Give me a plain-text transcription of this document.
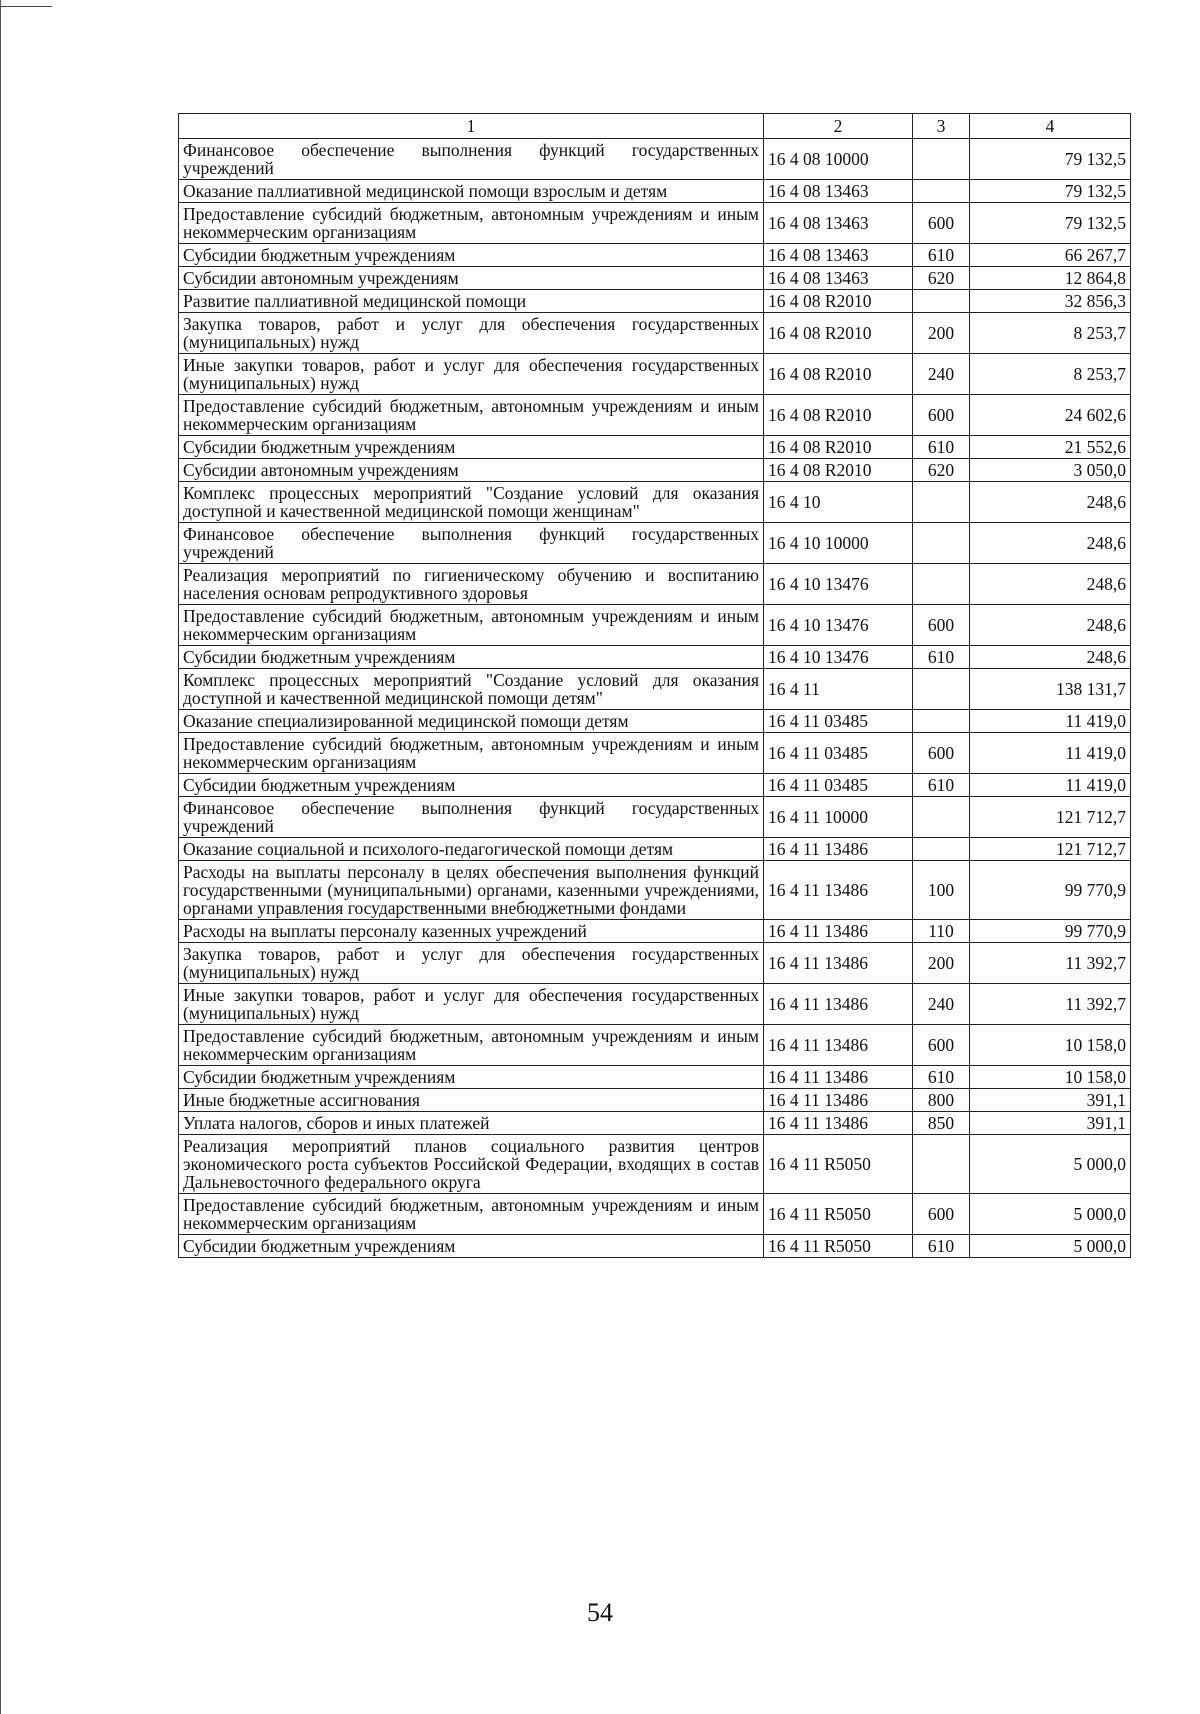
1	2	3	4
Финансовое обеспечение выполнения функций государственных учреждений	16 4 08 10000		79 132,5
Оказание паллиативной медицинской помощи взрослым и детям	16 4 08 13463		79 132,5
Предоставление субсидий бюджетным, автономным учреждениям и иным некоммерческим организациям	16 4 08 13463	600	79 132,5
Субсидии бюджетным учреждениям	16 4 08 13463	610	66 267,7
Субсидии автономным учреждениям	16 4 08 13463	620	12 864,8
Развитие паллиативной медицинской помощи	16 4 08 R2010		32 856,3
Закупка товаров, работ и услуг для обеспечения государственных (муниципальных) нужд	16 4 08 R2010	200	8 253,7
Иные закупки товаров, работ и услуг для обеспечения государственных (муниципальных) нужд	16 4 08 R2010	240	8 253,7
Предоставление субсидий бюджетным, автономным учреждениям и иным некоммерческим организациям	16 4 08 R2010	600	24 602,6
Субсидии бюджетным учреждениям	16 4 08 R2010	610	21 552,6
Субсидии автономным учреждениям	16 4 08 R2010	620	3 050,0
Комплекс процессных мероприятий "Создание условий для оказания доступной и качественной медицинской помощи женщинам"	16 4 10		248,6
Финансовое обеспечение выполнения функций государственных учреждений	16 4 10 10000		248,6
Реализация мероприятий по гигиеническому обучению и воспитанию населения основам репродуктивного здоровья	16 4 10 13476		248,6
Предоставление субсидий бюджетным, автономным учреждениям и иным некоммерческим организациям	16 4 10 13476	600	248,6
Субсидии бюджетным учреждениям	16 4 10 13476	610	248,6
Комплекс процессных мероприятий "Создание условий для оказания доступной и качественной медицинской помощи детям"	16 4 11		138 131,7
Оказание специализированной медицинской помощи детям	16 4 11 03485		11 419,0
Предоставление субсидий бюджетным, автономным учреждениям и иным некоммерческим организациям	16 4 11 03485	600	11 419,0
Субсидии бюджетным учреждениям	16 4 11 03485	610	11 419,0
Финансовое обеспечение выполнения функций государственных учреждений	16 4 11 10000		121 712,7
Оказание социальной и психолого-педагогической помощи детям	16 4 11 13486		121 712,7
Расходы на выплаты персоналу в целях обеспечения выполнения функций государственными (муниципальными) органами, казенными учреждениями, органами управления государственными внебюджетными фондами	16 4 11 13486	100	99 770,9
Расходы на выплаты персоналу казенных учреждений	16 4 11 13486	110	99 770,9
Закупка товаров, работ и услуг для обеспечения государственных (муниципальных) нужд	16 4 11 13486	200	11 392,7
Иные закупки товаров, работ и услуг для обеспечения государственных (муниципальных) нужд	16 4 11 13486	240	11 392,7
Предоставление субсидий бюджетным, автономным учреждениям и иным некоммерческим организациям	16 4 11 13486	600	10 158,0
Субсидии бюджетным учреждениям	16 4 11 13486	610	10 158,0
Иные бюджетные ассигнования	16 4 11 13486	800	391,1
Уплата налогов, сборов и иных платежей	16 4 11 13486	850	391,1
Реализация мероприятий планов социального развития центров экономического роста субъектов Российской Федерации, входящих в состав Дальневосточного федерального округа	16 4 11 R5050		5 000,0
Предоставление субсидий бюджетным, автономным учреждениям и иным некоммерческим организациям	16 4 11 R5050	600	5 000,0
Субсидии бюджетным учреждениям	16 4 11 R5050	610	5 000,0
54
